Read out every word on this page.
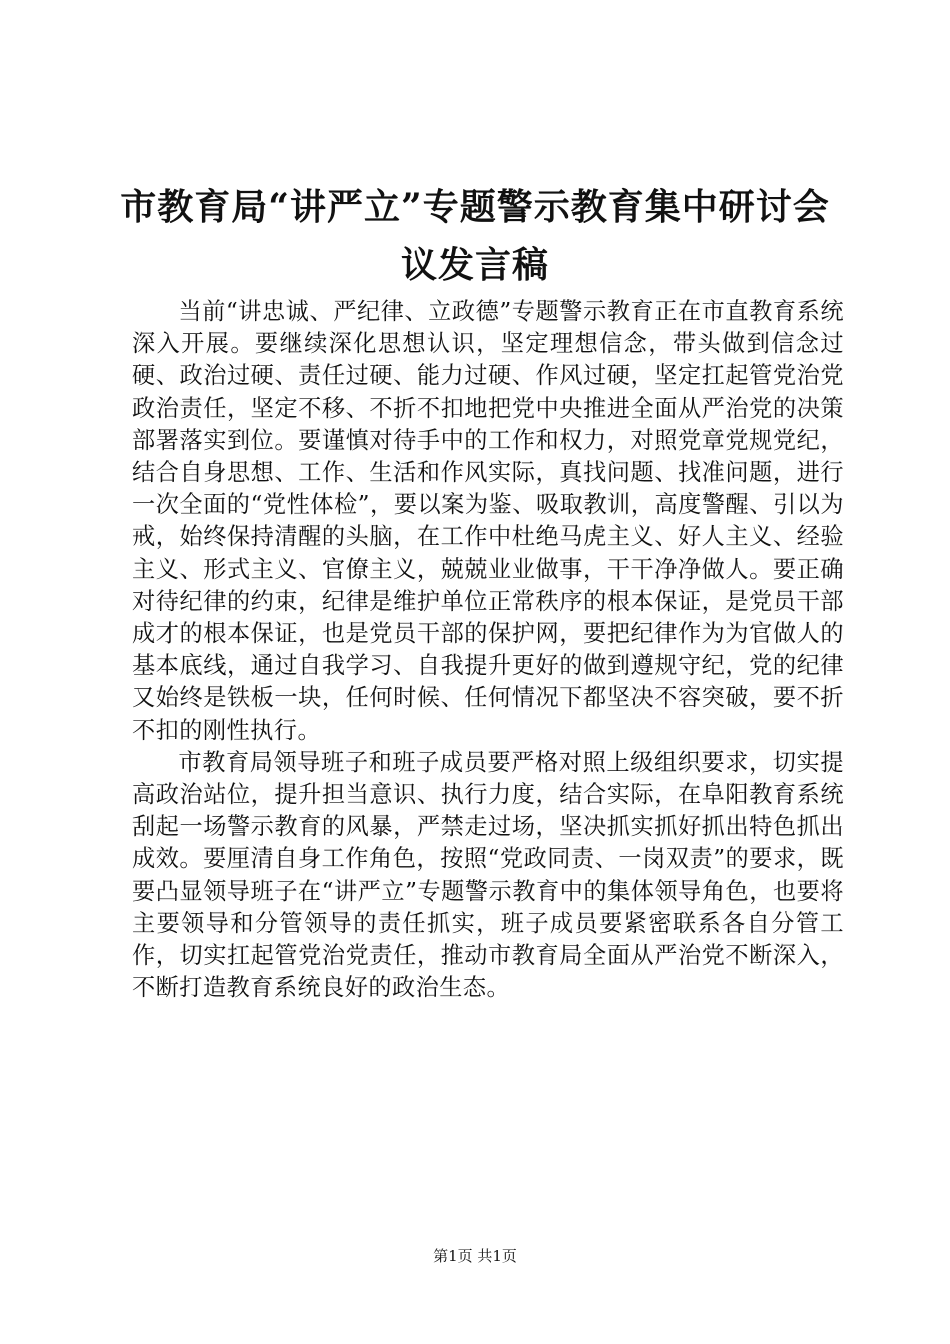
市教育局“讲严立”专题警示教育集中研讨会议发言稿

当前“讲忠诚、严纪律、立政德”专题警示教育正在市直教育系统深入开展。要继续深化思想认识，坚定理想信念，带头做到信念过硬、政治过硬、责任过硬、能力过硬、作风过硬，坚定扛起管党治党政治责任，坚定不移、不折不扣地把党中央推进全面从严治党的决策部署落实到位。要谨慎对待手中的工作和权力，对照党章党规党纪，结合自身思想、工作、生活和作风实际，真找问题、找准问题，进行一次全面的“党性体检”，要以案为鉴、吸取教训，高度警醒、引以为戒，始终保持清醒的头脑，在工作中杜绝马虎主义、好人主义、经验主义、形式主义、官僚主义，兢兢业业做事，干干净净做人。要正确对待纪律的约束，纪律是维护单位正常秩序的根本保证，是党员干部成才的根本保证，也是党员干部的保护网，要把纪律作为为官做人的基本底线，通过自我学习、自我提升更好的做到遵规守纪，党的纪律又始终是铁板一块，任何时候、任何情况下都坚决不容突破，要不折不扣的刚性执行。

市教育局领导班子和班子成员要严格对照上级组织要求，切实提高政治站位，提升担当意识、执行力度，结合实际，在阜阳教育系统刮起一场警示教育的风暴，严禁走过场，坚决抓实抓好抓出特色抓出成效。要厘清自身工作角色，按照“党政同责、一岗双责”的要求，既要凸显领导班子在“讲严立”专题警示教育中的集体领导角色，也要将主要领导和分管领导的责任抓实，班子成员要紧密联系各自分管工作，切实扛起管党治党责任，推动市教育局全面从严治党不断深入，不断打造教育系统良好的政治生态。

第1页 共1页
